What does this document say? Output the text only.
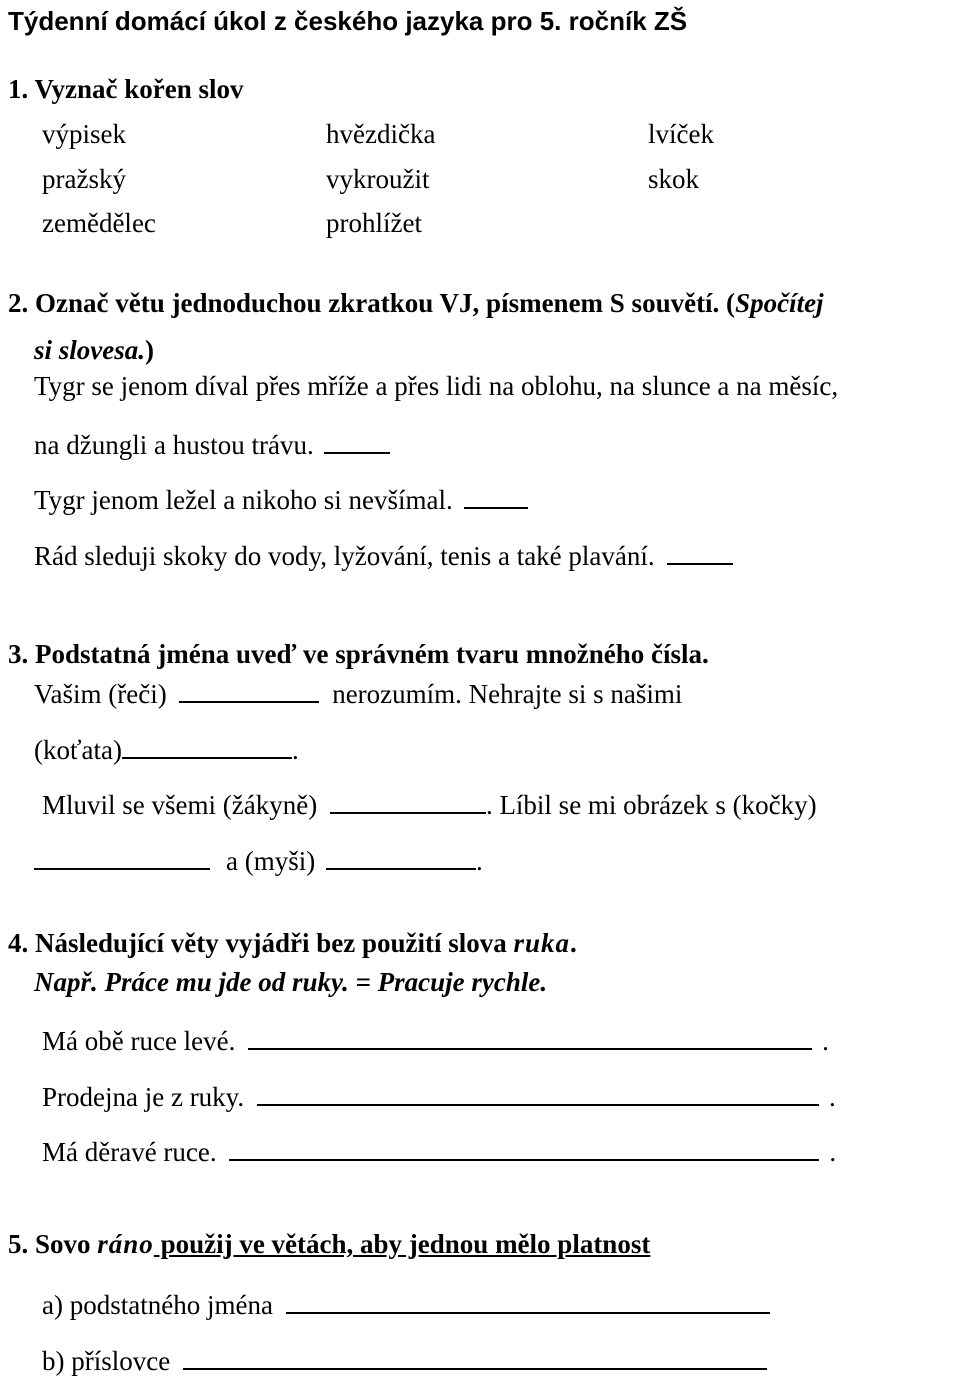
Týdenní domácí úkol z českého jazyka pro 5. ročník ZŠ
1. Vyznač kořen slov
výpisek	hvězdička	lvíček
pražský	vykroužit	skok
zemědělec	prohlížet
2. Označ větu jednoduchou zkratkou VJ, písmenem S souvětí. (Spočítej
si slovesa.)
Tygr se jenom díval přes mříže a přes lidi na oblohu, na slunce a na měsíc,
na džungli a hustou trávu.
Tygr jenom ležel a nikoho si nevšímal.
Rád sleduji skoky do vody, lyžování, tenis a také plavání.
3. Podstatná jména uveď ve správném tvaru množného čísla.
Vašim (řeči)	nerozumím. Nehrajte si s našimi
(koťata)	.
Mluvil se všemi (žákyně)	. Líbil se mi obrázek s (kočky)
a (myši)	.
4. Následující věty vyjádři bez použití slova ruka.
Např. Práce mu jde od ruky. = Pracuje rychle.
Má obě ruce levé.	.
Prodejna je z ruky.	.
Má děravé ruce.	.
5. Sovo ráno použij ve větách, aby jednou mělo platnost
a) podstatného jména
b) příslovce
